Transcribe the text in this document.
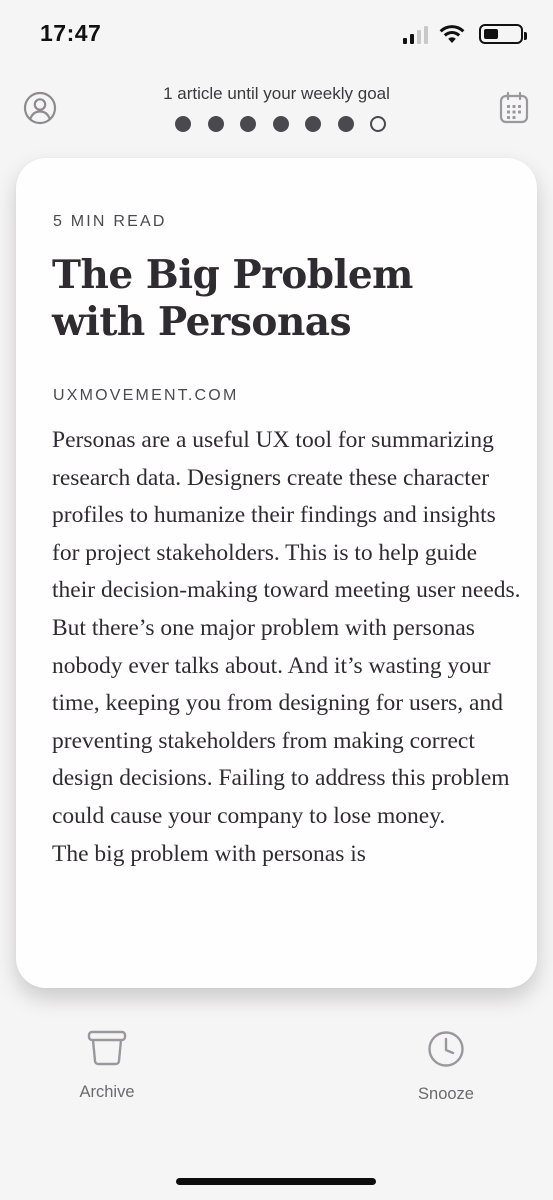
17:47
1 article until your weekly goal
5 MIN READ
The Big Problem with Personas
UXMOVEMENT.COM

Personas are a useful UX tool for summarizing research data. Designers create these character profiles to humanize their findings and insights for project stakeholders. This is to help guide their decision-making toward meeting user needs.

But there’s one major problem with personas nobody ever talks about. And it’s wasting your time, keeping you from designing for users, and preventing stakeholders from making correct design decisions. Failing to address this problem could cause your company to lose money.

The big problem with personas is

Archive	Snooze
